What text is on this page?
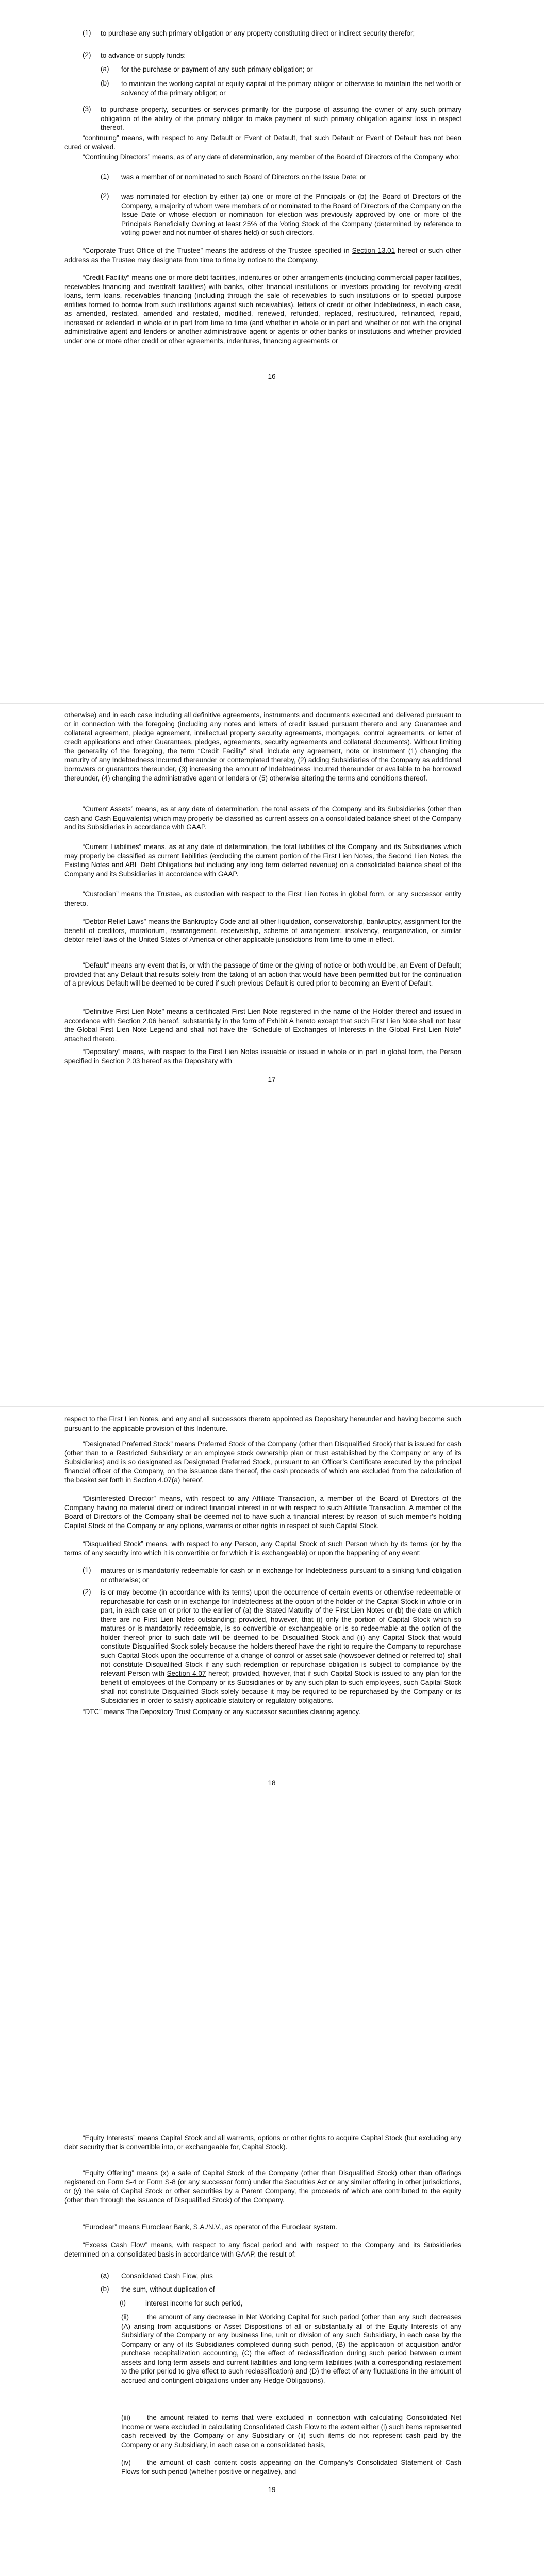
(1) to purchase any such primary obligation or any property constituting direct or indirect security therefor;
(2) to advance or supply funds:
(a) for the purchase or payment of any such primary obligation; or
(b) to maintain the working capital or equity capital of the primary obligor or otherwise to maintain the net worth or solvency of the primary obligor; or
(3) to purchase property, securities or services primarily for the purpose of assuring the owner of any such primary obligation of the ability of the primary obligor to make payment of such primary obligation against loss in respect thereof.
“continuing” means, with respect to any Default or Event of Default, that such Default or Event of Default has not been cured or waived.
“Continuing Directors” means, as of any date of determination, any member of the Board of Directors of the Company who:
(1) was a member of or nominated to such Board of Directors on the Issue Date; or
(2) was nominated for election by either (a) one or more of the Principals or (b) the Board of Directors of the Company, a majority of whom were members of or nominated to the Board of Directors of the Company on the Issue Date or whose election or nomination for election was previously approved by one or more of the Principals Beneficially Owning at least 25% of the Voting Stock of the Company (determined by reference to voting power and not number of shares held) or such directors.
“Corporate Trust Office of the Trustee” means the address of the Trustee specified in Section 13.01 hereof or such other address as the Trustee may designate from time to time by notice to the Company.
“Credit Facility” means one or more debt facilities, indentures or other arrangements (including commercial paper facilities, receivables financing and overdraft facilities) with banks, other financial institutions or investors providing for revolving credit loans, term loans, receivables financing (including through the sale of receivables to such institutions or to special purpose entities formed to borrow from such institutions against such receivables), letters of credit or other Indebtedness, in each case, as amended, restated, amended and restated, modified, renewed, refunded, replaced, restructured, refinanced, repaid, increased or extended in whole or in part from time to time (and whether in whole or in part and whether or not with the original administrative agent and lenders or another administrative agent or agents or other banks or institutions and whether provided under one or more other credit or other agreements, indentures, financing agreements or
16
otherwise) and in each case including all definitive agreements, instruments and documents executed and delivered pursuant to or in connection with the foregoing (including any notes and letters of credit issued pursuant thereto and any Guarantee and collateral agreement, pledge agreement, intellectual property security agreements, mortgages, control agreements, or letter of credit applications and other Guarantees, pledges, agreements, security agreements and collateral documents). Without limiting the generality of the foregoing, the term “Credit Facility” shall include any agreement, note or instrument (1) changing the maturity of any Indebtedness Incurred thereunder or contemplated thereby, (2) adding Subsidiaries of the Company as additional borrowers or guarantors thereunder, (3) increasing the amount of Indebtedness Incurred thereunder or available to be borrowed thereunder, (4) changing the administrative agent or lenders or (5) otherwise altering the terms and conditions thereof.
“Current Assets” means, as at any date of determination, the total assets of the Company and its Subsidiaries (other than cash and Cash Equivalents) which may properly be classified as current assets on a consolidated balance sheet of the Company and its Subsidiaries in accordance with GAAP.
“Current Liabilities” means, as at any date of determination, the total liabilities of the Company and its Subsidiaries which may properly be classified as current liabilities (excluding the current portion of the First Lien Notes, the Second Lien Notes, the Existing Notes and ABL Debt Obligations but including any long term deferred revenue) on a consolidated balance sheet of the Company and its Subsidiaries in accordance with GAAP.
“Custodian” means the Trustee, as custodian with respect to the First Lien Notes in global form, or any successor entity thereto.
“Debtor Relief Laws” means the Bankruptcy Code and all other liquidation, conservatorship, bankruptcy, assignment for the benefit of creditors, moratorium, rearrangement, receivership, scheme of arrangement, insolvency, reorganization, or similar debtor relief laws of the United States of America or other applicable jurisdictions from time to time in effect.
“Default” means any event that is, or with the passage of time or the giving of notice or both would be, an Event of Default; provided that any Default that results solely from the taking of an action that would have been permitted but for the continuation of a previous Default will be deemed to be cured if such previous Default is cured prior to becoming an Event of Default.
“Definitive First Lien Note” means a certificated First Lien Note registered in the name of the Holder thereof and issued in accordance with Section 2.06 hereof, substantially in the form of Exhibit A hereto except that such First Lien Note shall not bear the Global First Lien Note Legend and shall not have the “Schedule of Exchanges of Interests in the Global First Lien Note” attached thereto.
“Depositary” means, with respect to the First Lien Notes issuable or issued in whole or in part in global form, the Person specified in Section 2.03 hereof as the Depositary with
17
respect to the First Lien Notes, and any and all successors thereto appointed as Depositary hereunder and having become such pursuant to the applicable provision of this Indenture.
“Designated Preferred Stock” means Preferred Stock of the Company (other than Disqualified Stock) that is issued for cash (other than to a Restricted Subsidiary or an employee stock ownership plan or trust established by the Company or any of its Subsidiaries) and is so designated as Designated Preferred Stock, pursuant to an Officer’s Certificate executed by the principal financial officer of the Company, on the issuance date thereof, the cash proceeds of which are excluded from the calculation of the basket set forth in Section 4.07(a) hereof.
“Disinterested Director” means, with respect to any Affiliate Transaction, a member of the Board of Directors of the Company having no material direct or indirect financial interest in or with respect to such Affiliate Transaction. A member of the Board of Directors of the Company shall be deemed not to have such a financial interest by reason of such member’s holding Capital Stock of the Company or any options, warrants or other rights in respect of such Capital Stock.
“Disqualified Stock” means, with respect to any Person, any Capital Stock of such Person which by its terms (or by the terms of any security into which it is convertible or for which it is exchangeable) or upon the happening of any event:
(1) matures or is mandatorily redeemable for cash or in exchange for Indebtedness pursuant to a sinking fund obligation or otherwise; or
(2) is or may become (in accordance with its terms) upon the occurrence of certain events or otherwise redeemable or repurchasable for cash or in exchange for Indebtedness at the option of the holder of the Capital Stock in whole or in part, in each case on or prior to the earlier of (a) the Stated Maturity of the First Lien Notes or (b) the date on which there are no First Lien Notes outstanding; provided, however, that (i) only the portion of Capital Stock which so matures or is mandatorily redeemable, is so convertible or exchangeable or is so redeemable at the option of the holder thereof prior to such date will be deemed to be Disqualified Stock and (ii) any Capital Stock that would constitute Disqualified Stock solely because the holders thereof have the right to require the Company to repurchase such Capital Stock upon the occurrence of a change of control or asset sale (howsoever defined or referred to) shall not constitute Disqualified Stock if any such redemption or repurchase obligation is subject to compliance by the relevant Person with Section 4.07 hereof; provided, however, that if such Capital Stock is issued to any plan for the benefit of employees of the Company or its Subsidiaries or by any such plan to such employees, such Capital Stock shall not constitute Disqualified Stock solely because it may be required to be repurchased by the Company or its Subsidiaries in order to satisfy applicable statutory or regulatory obligations.
“DTC” means The Depository Trust Company or any successor securities clearing agency.
18
“Equity Interests” means Capital Stock and all warrants, options or other rights to acquire Capital Stock (but excluding any debt security that is convertible into, or exchangeable for, Capital Stock).
“Equity Offering” means (x) a sale of Capital Stock of the Company (other than Disqualified Stock) other than offerings registered on Form S-4 or Form S-8 (or any successor form) under the Securities Act or any similar offering in other jurisdictions, or (y) the sale of Capital Stock or other securities by a Parent Company, the proceeds of which are contributed to the equity (other than through the issuance of Disqualified Stock) of the Company.
“Euroclear” means Euroclear Bank, S.A./N.V., as operator of the Euroclear system.
“Excess Cash Flow” means, with respect to any fiscal period and with respect to the Company and its Subsidiaries determined on a consolidated basis in accordance with GAAP, the result of:
(a) Consolidated Cash Flow, plus
(b) the sum, without duplication of
(i)	interest income for such period,
(ii)	the amount of any decrease in Net Working Capital for such period (other than any such decreases (A) arising from acquisitions or Asset Dispositions of all or substantially all of the Equity Interests of any Subsidiary of the Company or any business line, unit or division of any such Subsidiary, in each case by the Company or any of its Subsidiaries completed during such period, (B) the application of acquisition and/or purchase recapitalization accounting, (C) the effect of reclassification during such period between current assets and long-term assets and current liabilities and long-term liabilities (with a corresponding restatement to the prior period to give effect to such reclassification) and (D) the effect of any fluctuations in the amount of accrued and contingent obligations under any Hedge Obligations),
(iii) the amount related to items that were excluded in connection with calculating Consolidated Net Income or were excluded in calculating Consolidated Cash Flow to the extent either (i) such items represented cash received by the Company or any Subsidiary or (ii) such items do not represent cash paid by the Company or any Subsidiary, in each case on a consolidated basis,
(iv) the amount of cash content costs appearing on the Company’s Consolidated Statement of Cash Flows for such period (whether positive or negative), and
19
